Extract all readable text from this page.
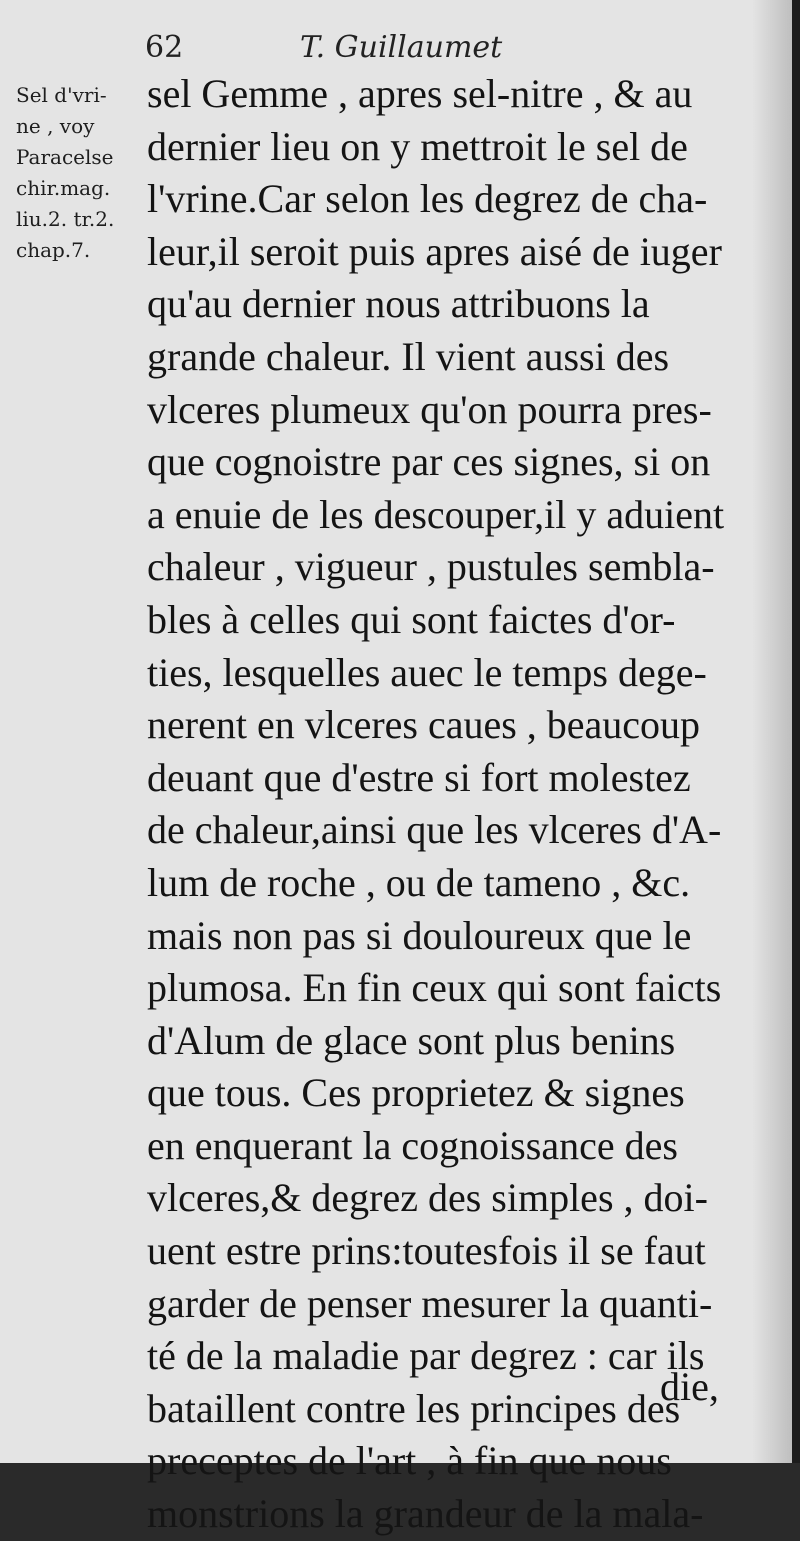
62	T. Guillaumet
Sel d'vri-
ne , voy
Paracelse
chir.mag.
liu.2. tr.2.
chap.7.
sel Gemme , apres sel-nitre , & au
dernier lieu on y mettroit le sel de
l'vrine.Car selon les degrez de cha-
leur,il seroit puis apres aisé de iuger
qu'au dernier nous attribuons la
grande chaleur. Il vient aussi des
vlceres plumeux qu'on pourra pres-
que cognoistre par ces signes, si on
a enuie de les descouper,il y aduient
chaleur , vigueur , pustules sembla-
bles à celles qui sont faictes d'or-
ties, lesquelles auec le temps dege-
nerent en vlceres caues , beaucoup
deuant que d'estre si fort molestez
de chaleur,ainsi que les vlceres d'A-
lum de roche , ou de tameno , &c.
mais non pas si douloureux que le
plumosa. En fin ceux qui sont faicts
d'Alum de glace sont plus benins
que tous. Ces proprietez & signes
en enquerant la cognoissance des
vlceres,& degrez des simples , doi-
uent estre prins:toutesfois il se faut
garder de penser mesurer la quanti-
té de la maladie par degrez : car ils
bataillent contre les principes des
preceptes de l'art , à fin que nous
monstrions la grandeur de la mala-
die,
